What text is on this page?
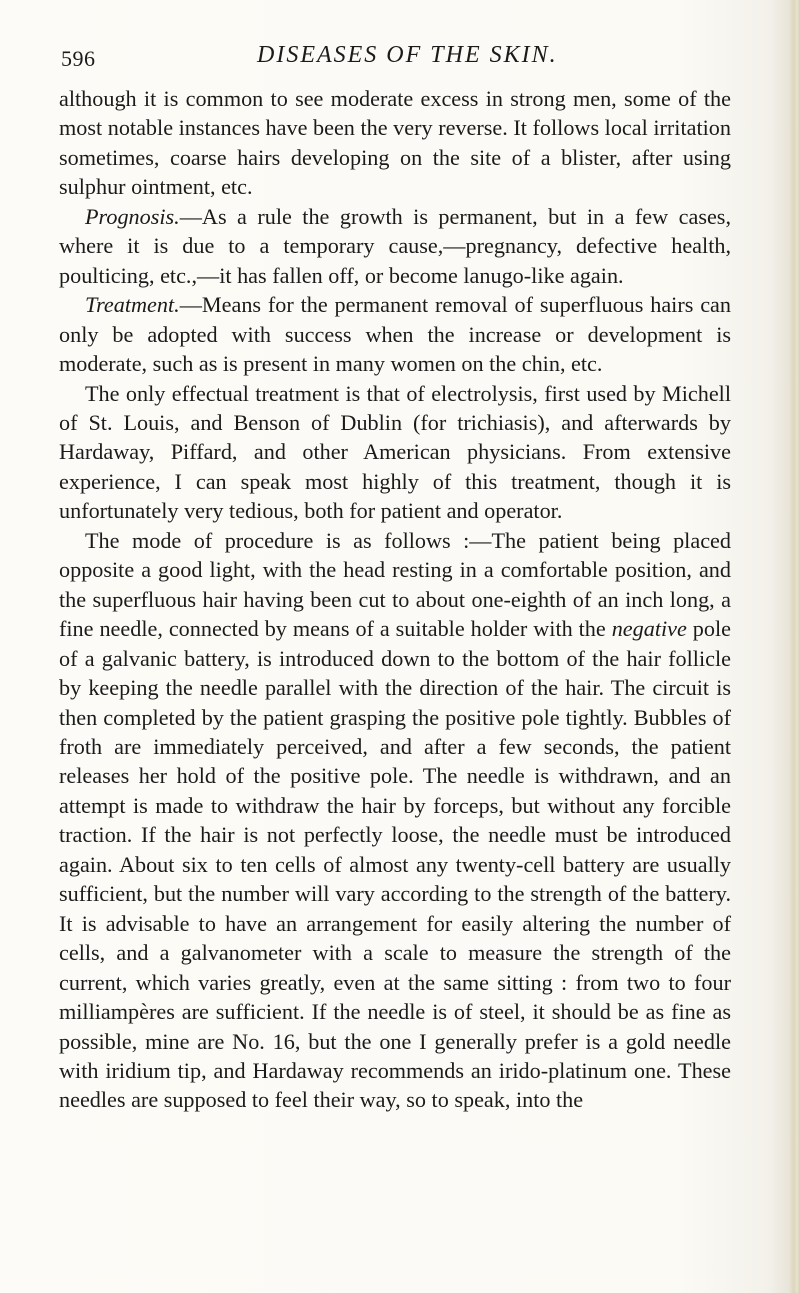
596	DISEASES OF THE SKIN.

although it is common to see moderate excess in strong men, some of the most notable instances have been the very reverse. It follows local irritation sometimes, coarse hairs developing on the site of a blister, after using sulphur ointment, etc.

Prognosis.—As a rule the growth is permanent, but in a few cases, where it is due to a temporary cause,—pregnancy, defective health, poulticing, etc.,—it has fallen off, or become lanugo-like again.

Treatment.—Means for the permanent removal of superfluous hairs can only be adopted with success when the increase or development is moderate, such as is present in many women on the chin, etc.

The only effectual treatment is that of electrolysis, first used by Michell of St. Louis, and Benson of Dublin (for trichiasis), and afterwards by Hardaway, Piffard, and other American physicians. From extensive experience, I can speak most highly of this treatment, though it is unfortunately very tedious, both for patient and operator.

The mode of procedure is as follows :—The patient being placed opposite a good light, with the head resting in a comfortable position, and the superfluous hair having been cut to about one-eighth of an inch long, a fine needle, connected by means of a suitable holder with the negative pole of a galvanic battery, is introduced down to the bottom of the hair follicle by keeping the needle parallel with the direction of the hair. The circuit is then completed by the patient grasping the positive pole tightly. Bubbles of froth are immediately perceived, and after a few seconds, the patient releases her hold of the positive pole. The needle is withdrawn, and an attempt is made to withdraw the hair by forceps, but without any forcible traction. If the hair is not perfectly loose, the needle must be introduced again. About six to ten cells of almost any twenty-cell battery are usually sufficient, but the number will vary according to the strength of the battery. It is advisable to have an arrangement for easily altering the number of cells, and a galvanometer with a scale to measure the strength of the current, which varies greatly, even at the same sitting : from two to four milliampères are sufficient. If the needle is of steel, it should be as fine as possible, mine are No. 16, but the one I generally prefer is a gold needle with iridium tip, and Hardaway recommends an irido-platinum one. These needles are supposed to feel their way, so to speak, into the
